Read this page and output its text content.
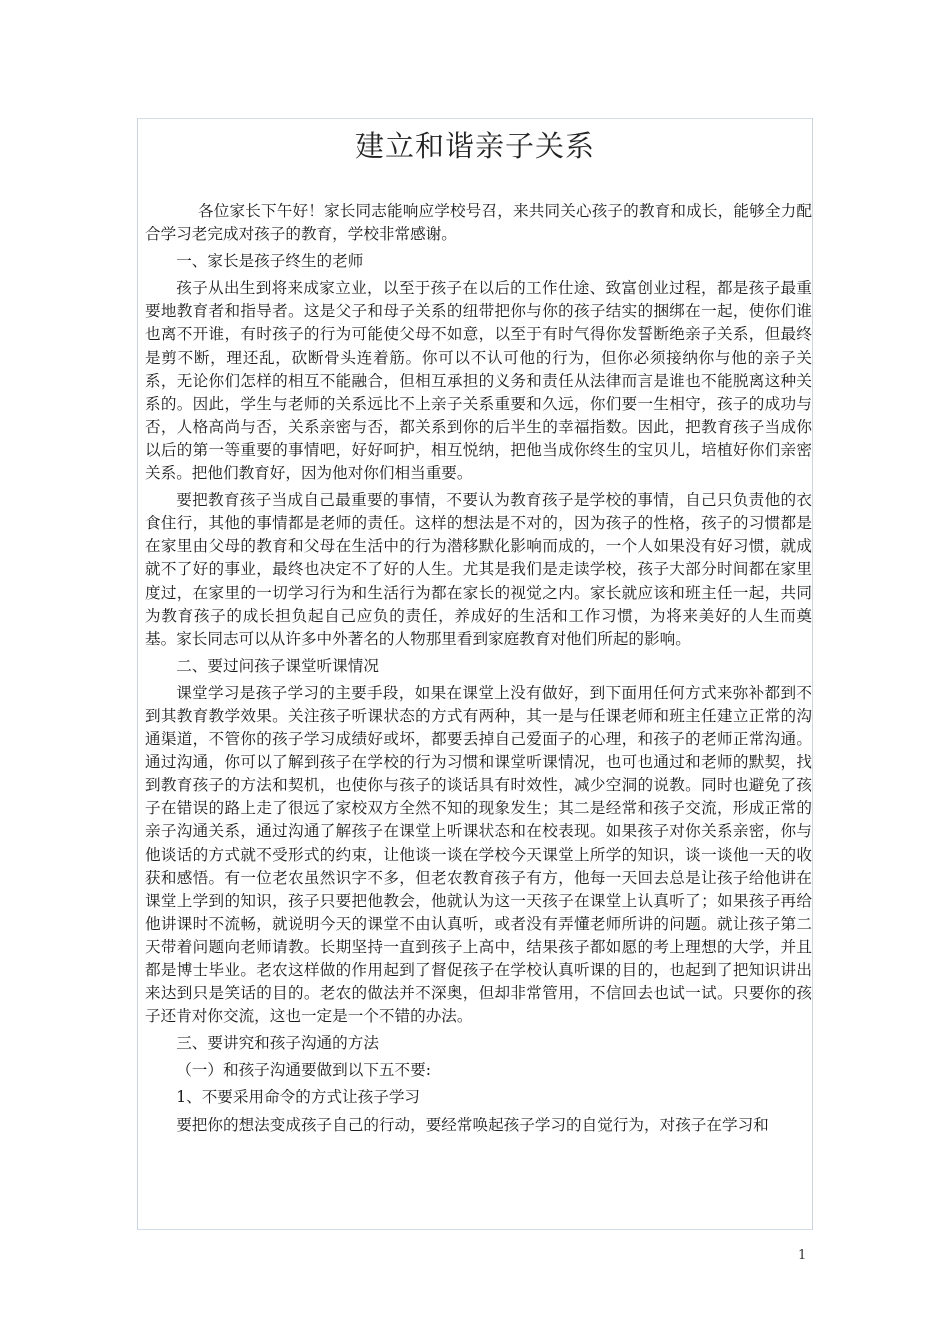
建立和谐亲子关系

各位家长下午好！家长同志能响应学校号召，来共同关心孩子的教育和成长，能够全力配合学习老完成对孩子的教育，学校非常感谢。

一、家长是孩子终生的老师

孩子从出生到将来成家立业，以至于孩子在以后的工作仕途、致富创业过程，都是孩子最重要地教育者和指导者。这是父子和母子关系的纽带把你与你的孩子结实的捆绑在一起，使你们谁也离不开谁，有时孩子的行为可能使父母不如意，以至于有时气得你发誓断绝亲子关系，但最终是剪不断，理还乱，砍断骨头连着筋。你可以不认可他的行为，但你必须接纳你与他的亲子关系，无论你们怎样的相互不能融合，但相互承担的义务和责任从法律而言是谁也不能脱离这种关系的。因此，学生与老师的关系远比不上亲子关系重要和久远，你们要一生相守，孩子的成功与否，人格高尚与否，关系亲密与否，都关系到你的后半生的幸福指数。因此，把教育孩子当成你以后的第一等重要的事情吧，好好呵护，相互悦纳，把他当成你终生的宝贝儿，培植好你们亲密关系。把他们教育好，因为他对你们相当重要。

要把教育孩子当成自己最重要的事情，不要认为教育孩子是学校的事情，自己只负责他的衣食住行，其他的事情都是老师的责任。这样的想法是不对的，因为孩子的性格，孩子的习惯都是在家里由父母的教育和父母在生活中的行为潜移默化影响而成的，一个人如果没有好习惯，就成就不了好的事业，最终也决定不了好的人生。尤其是我们是走读学校，孩子大部分时间都在家里度过，在家里的一切学习行为和生活行为都在家长的视觉之内。家长就应该和班主任一起，共同为教育孩子的成长担负起自己应负的责任，养成好的生活和工作习惯，为将来美好的人生而奠基。家长同志可以从许多中外著名的人物那里看到家庭教育对他们所起的影响。

二、要过问孩子课堂听课情况

课堂学习是孩子学习的主要手段，如果在课堂上没有做好，到下面用任何方式来弥补都到不到其教育教学效果。关注孩子听课状态的方式有两种，其一是与任课老师和班主任建立正常的沟通渠道，不管你的孩子学习成绩好或坏，都要丢掉自己爱面子的心理，和孩子的老师正常沟通。通过沟通，你可以了解到孩子在学校的行为习惯和课堂听课情况，也可也通过和老师的默契，找到教育孩子的方法和契机，也使你与孩子的谈话具有时效性，减少空洞的说教。同时也避免了孩子在错误的路上走了很远了家校双方全然不知的现象发生；其二是经常和孩子交流，形成正常的亲子沟通关系，通过沟通了解孩子在课堂上听课状态和在校表现。如果孩子对你关系亲密，你与他谈话的方式就不受形式的约束，让他谈一谈在学校今天课堂上所学的知识，谈一谈他一天的收获和感悟。有一位老农虽然识字不多，但老农教育孩子有方，他每一天回去总是让孩子给他讲在课堂上学到的知识，孩子只要把他教会，他就认为这一天孩子在课堂上认真听了；如果孩子再给他讲课时不流畅，就说明今天的课堂不由认真听，或者没有弄懂老师所讲的问题。就让孩子第二天带着问题向老师请教。长期坚持一直到孩子上高中，结果孩子都如愿的考上理想的大学，并且都是博士毕业。老农这样做的作用起到了督促孩子在学校认真听课的目的，也起到了把知识讲出来达到只是笑话的目的。老农的做法并不深奥，但却非常管用，不信回去也试一试。只要你的孩子还肯对你交流，这也一定是一个不错的办法。

三、要讲究和孩子沟通的方法

（一）和孩子沟通要做到以下五不要:

1、不要采用命令的方式让孩子学习

要把你的想法变成孩子自己的行动，要经常唤起孩子学习的自觉行为，对孩子在学习和

1
